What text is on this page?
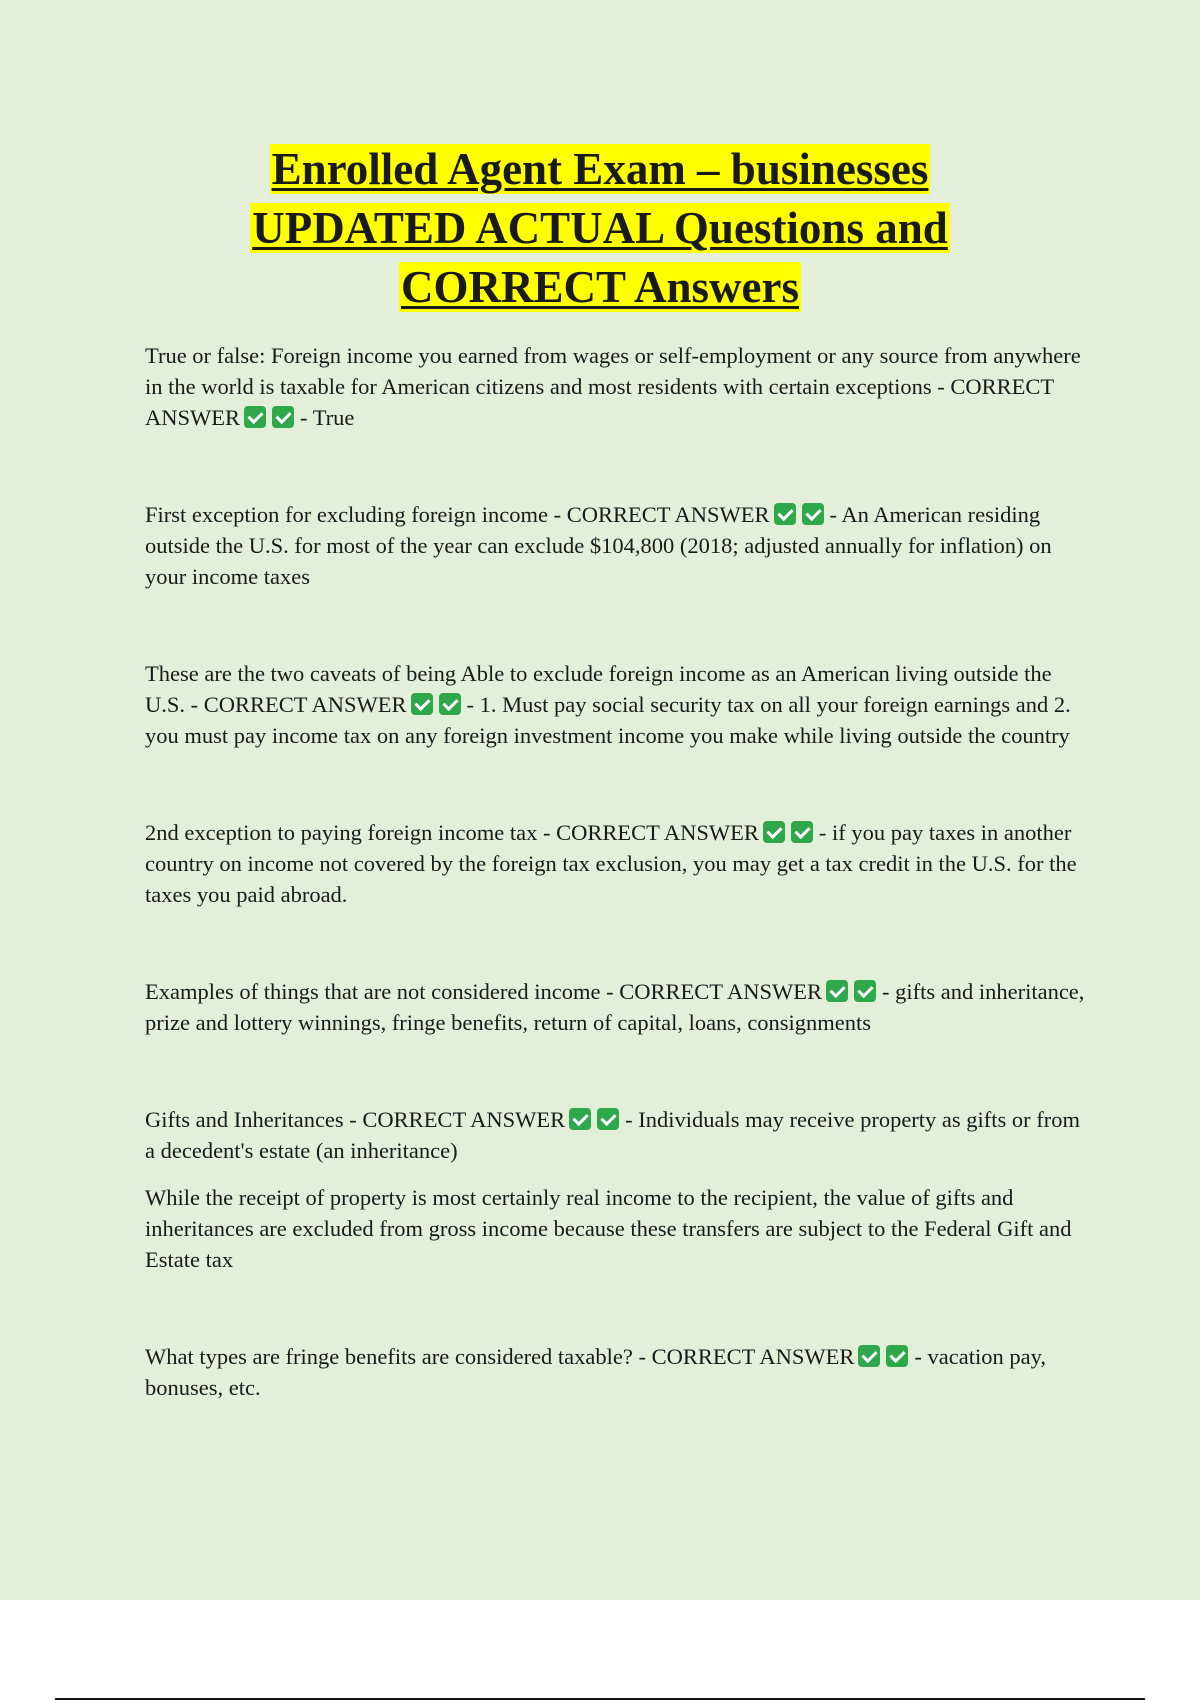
Enrolled Agent Exam – businesses
UPDATED ACTUAL Questions and
CORRECT Answers

True or false: Foreign income you earned from wages or self-employment or any source from anywhere in the world is taxable for American citizens and most residents with certain exceptions - CORRECT ANSWER	- True

First exception for excluding foreign income - CORRECT ANSWER	- An American residing outside the U.S. for most of the year can exclude $104,800 (2018; adjusted annually for inflation) on your income taxes

These are the two caveats of being Able to exclude foreign income as an American living outside the U.S. - CORRECT ANSWER	- 1. Must pay social security tax on all your foreign earnings and 2. you must pay income tax on any foreign investment income you make while living outside the country

2nd exception to paying foreign income tax - CORRECT ANSWER	- if you pay taxes in another country on income not covered by the foreign tax exclusion, you may get a tax credit in the U.S. for the taxes you paid abroad.

Examples of things that are not considered income - CORRECT ANSWER	- gifts and inheritance, prize and lottery winnings, fringe benefits, return of capital, loans, consignments

Gifts and Inheritances - CORRECT ANSWER	- Individuals may receive property as gifts or from a decedent's estate (an inheritance)

While the receipt of property is most certainly real income to the recipient, the value of gifts and inheritances are excluded from gross income because these transfers are subject to the Federal Gift and Estate tax

What types are fringe benefits are considered taxable? - CORRECT ANSWER	- vacation pay, bonuses, etc.
